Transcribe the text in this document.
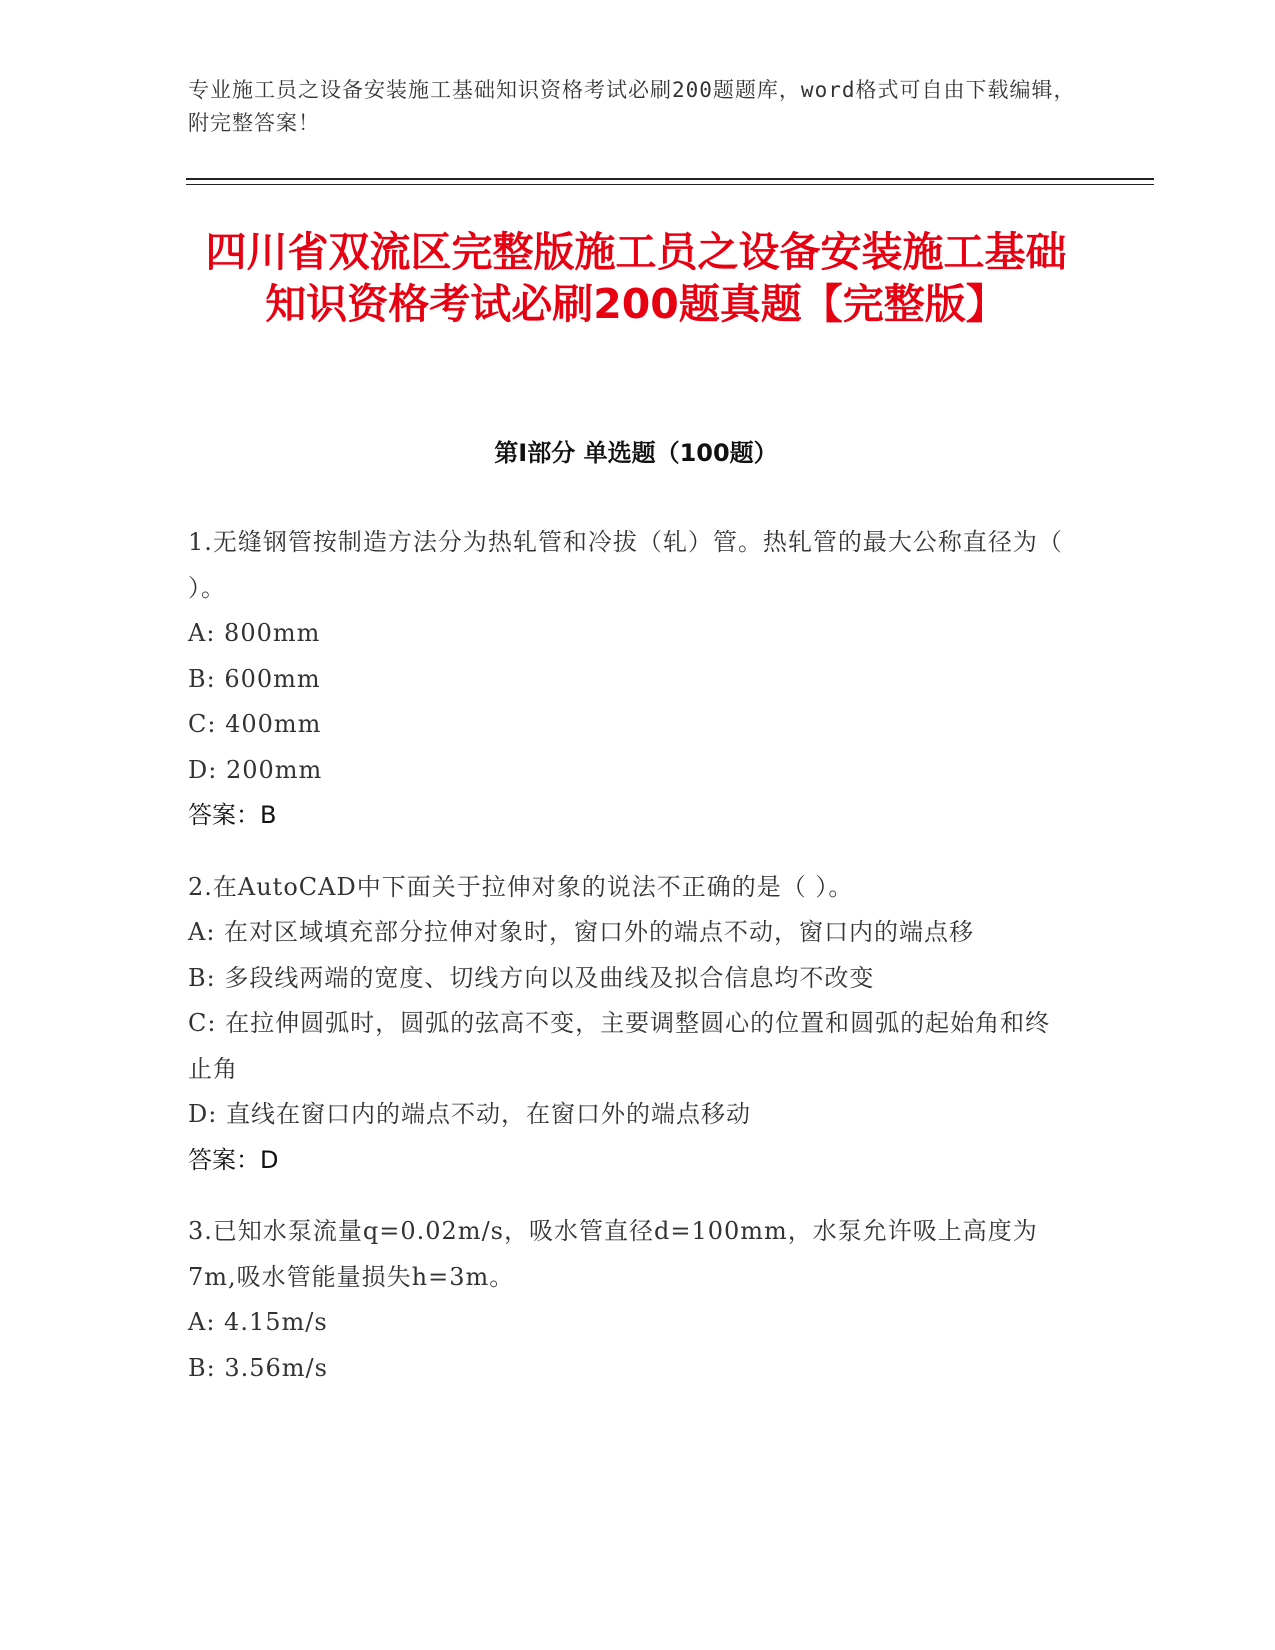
专业施工员之设备安装施工基础知识资格考试必刷200题题库，word格式可自由下载编辑，附完整答案！
四川省双流区完整版施工员之设备安装施工基础知识资格考试必刷200题真题【完整版】
第I部分 单选题（100题）
1.无缝钢管按制造方法分为热轧管和冷拔（轧）管。热轧管的最大公称直径为（ ）。
A: 800mm
B: 600mm
C: 400mm
D: 200mm
答案：B
2.在AutoCAD中下面关于拉伸对象的说法不正确的是（ ）。
A: 在对区域填充部分拉伸对象时，窗口外的端点不动，窗口内的端点移
B: 多段线两端的宽度、切线方向以及曲线及拟合信息均不改变
C: 在拉伸圆弧时，圆弧的弦高不变，主要调整圆心的位置和圆弧的起始角和终止角
D: 直线在窗口内的端点不动，在窗口外的端点移动
答案：D
3.已知水泵流量q=0.02m/s，吸水管直径d=100mm，水泵允许吸上高度为7m,吸水管能量损失h=3m。
A: 4.15m/s
B: 3.56m/s
